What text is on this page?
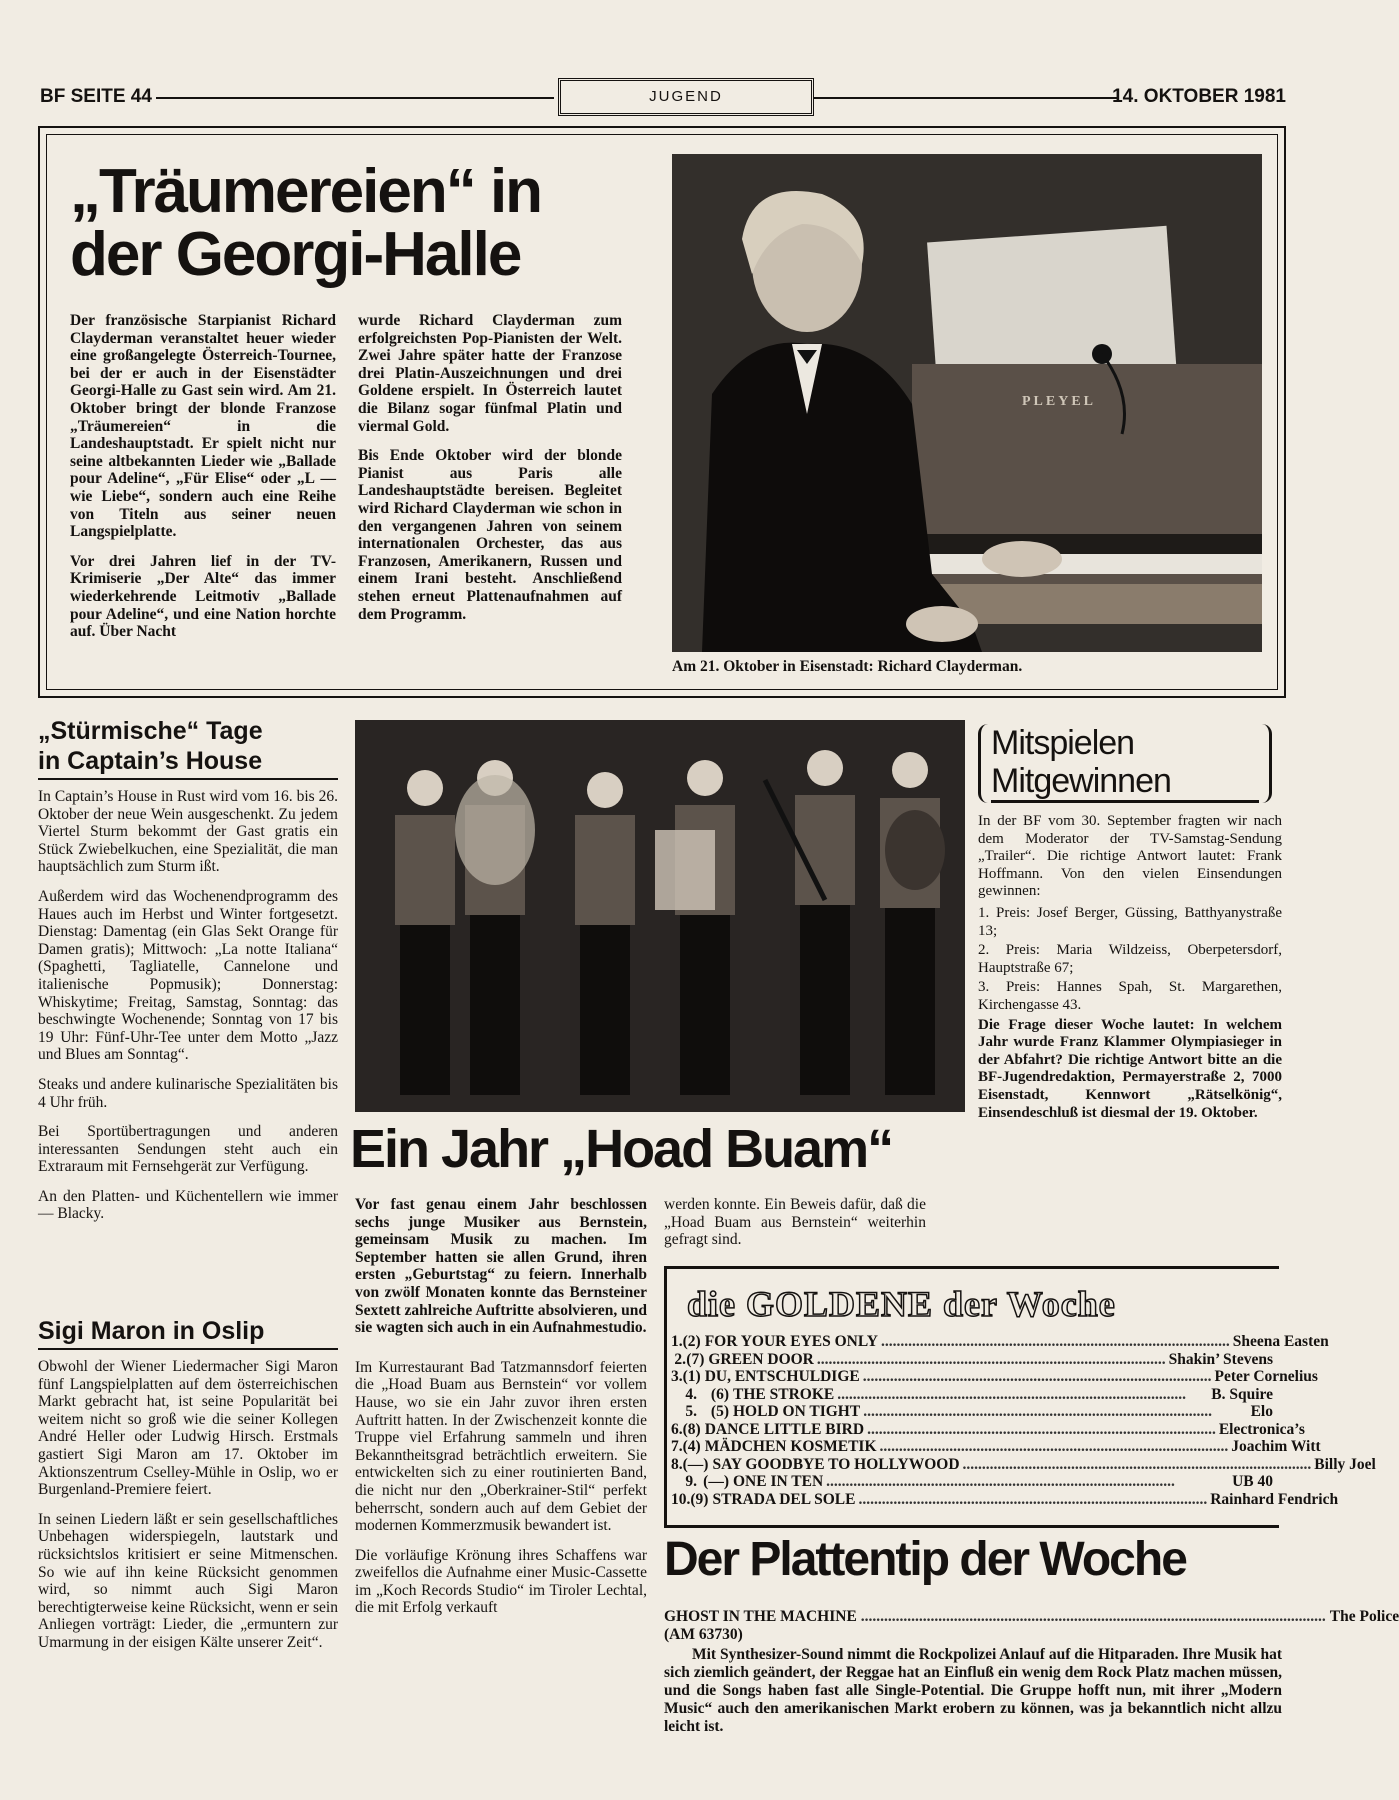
BF SEITE 44	JUGEND	14. OKTOBER 1981
„Träumereien“ in
der Georgi-Halle

Der französische Starpianist Richard Clayderman veranstaltet heuer wieder eine großangelegte Österreich-Tournee, bei der er auch in der Eisenstädter Georgi-Halle zu Gast sein wird. Am 21. Oktober bringt der blonde Franzose „Träumereien“ in die Landeshauptstadt. Er spielt nicht nur seine altbekannten Lieder wie „Ballade pour Adeline“, „Für Elise“ oder „L — wie Liebe“, sondern auch eine Reihe von Titeln aus seiner neuen Langspielplatte.

Vor drei Jahren lief in der TV-Krimiserie „Der Alte“ das immer wiederkehrende Leitmotiv „Ballade pour Adeline“, und eine Nation horchte auf. Über Nacht

wurde Richard Clayderman zum erfolgreichsten Pop-Pianisten der Welt. Zwei Jahre später hatte der Franzose drei Platin-Auszeichnungen und drei Goldene erspielt. In Österreich lautet die Bilanz sogar fünfmal Platin und viermal Gold.

Bis Ende Oktober wird der blonde Pianist aus Paris alle Landeshauptstädte bereisen. Begleitet wird Richard Clayderman wie schon in den vergangenen Jahren von seinem internationalen Orchester, das aus Franzosen, Amerikanern, Russen und einem Irani besteht. Anschließend stehen erneut Plattenaufnahmen auf dem Programm.

PLEYEL
Am 21. Oktober in Eisenstadt: Richard Clayderman.
„Stürmische“ Tage
in Captain’s House

In Captain’s House in Rust wird vom 16. bis 26. Oktober der neue Wein ausgeschenkt. Zu jedem Viertel Sturm bekommt der Gast gratis ein Stück Zwiebelkuchen, eine Spezialität, die man hauptsächlich zum Sturm ißt.

Außerdem wird das Wochenendprogramm des Haues auch im Herbst und Winter fortgesetzt. Dienstag: Damentag (ein Glas Sekt Orange für Damen gratis); Mittwoch: „La notte Italiana“ (Spaghetti, Tagliatelle, Cannelone und italienische Popmusik); Donnerstag: Whiskytime; Freitag, Samstag, Sonntag: das beschwingte Wochenende; Sonntag von 17 bis 19 Uhr: Fünf-Uhr-Tee unter dem Motto „Jazz und Blues am Sonntag“.

Steaks und andere kulinarische Spezialitäten bis 4 Uhr früh.

Bei Sportübertragungen und anderen interessanten Sendungen steht auch ein Extraraum mit Fernsehgerät zur Verfügung.

An den Platten- und Küchentellern wie immer — Blacky.

Sigi Maron in Oslip

Obwohl der Wiener Liedermacher Sigi Maron fünf Langspielplatten auf dem österreichischen Markt gebracht hat, ist seine Popularität bei weitem nicht so groß wie die seiner Kollegen André Heller oder Ludwig Hirsch. Erstmals gastiert Sigi Maron am 17. Oktober im Aktionszentrum Cselley-Mühle in Oslip, wo er Burgenland-Premiere feiert.

In seinen Liedern läßt er sein gesellschaftliches Unbehagen widerspiegeln, lautstark und rücksichtslos kritisiert er seine Mitmenschen. So wie auf ihn keine Rücksicht genommen wird, so nimmt auch Sigi Maron berechtigterweise keine Rücksicht, wenn er sein Anliegen vorträgt: Lieder, die „ermuntern zur Umarmung in der eisigen Kälte unserer Zeit“.

Ein Jahr „Hoad Buam“

Vor fast genau einem Jahr beschlossen sechs junge Musiker aus Bernstein, gemeinsam Musik zu machen. Im September hatten sie allen Grund, ihren ersten „Geburtstag“ zu feiern. Innerhalb von zwölf Monaten konnte das Bernsteiner Sextett zahlreiche Auftritte absolvieren, und sie wagten sich auch in ein Aufnahmestudio.

Im Kurrestaurant Bad Tatzmannsdorf feierten die „Hoad Buam aus Bernstein“ vor vollem Hause, wo sie ein Jahr zuvor ihren ersten Auftritt hatten. In der Zwischenzeit konnte die Truppe viel Erfahrung sammeln und ihren Bekanntheitsgrad beträchtlich erweitern. Sie entwickelten sich zu einer routinierten Band, die nicht nur den „Oberkrainer-Stil“ perfekt beherrscht, sondern auch auf dem Gebiet der modernen Kommerzmusik bewandert ist.

Die vorläufige Krönung ihres Schaffens war zweifellos die Aufnahme einer Music-Cassette im „Koch Records Studio“ im Tiroler Lechtal, die mit Erfolg verkauft

werden konnte. Ein Beweis dafür, daß die „Hoad Buam aus Bernstein“ weiterhin gefragt sind.

Mitspielen
Mitgewinnen

In der BF vom 30. September fragten wir nach dem Moderator der TV-Samstag-Sendung „Trailer“. Die richtige Antwort lautet: Frank Hoffmann. Von den vielen Einsendungen gewinnen:

1. Preis: Josef Berger, Güssing, Batthyanystraße 13;

2. Preis: Maria Wildzeiss, Oberpetersdorf, Hauptstraße 67;

3. Preis: Hannes Spah, St. Margarethen, Kirchengasse 43.

Die Frage dieser Woche lautet: In welchem Jahr wurde Franz Klammer Olympiasieger in der Abfahrt? Die richtige Antwort bitte an die BF-Jugendredaktion, Permayerstraße 2, 7000 Eisenstadt, Kennwort „Rätselkönig“, Einsendeschluß ist diesmal der 19. Oktober.

die GOLDENE der Woche
1. (2) FOR YOUR EYES ONLY .......................................................................................... Sheena Easten
2. (7) GREEN DOOR .......................................................................................... Shakin’ Stevens
3. (1) DU, ENTSCHULDIGE .......................................................................................... Peter Cornelius
4. (6) THE STROKE ..........................................................................................	B. Squire
5. (5) HOLD ON TIGHT ..........................................................................................	Elo
6. (8) DANCE LITTLE BIRD .......................................................................................... Electronica’s
7. (4) MÄDCHEN KOSMETIK .......................................................................................... Joachim Witt
8. (—) SAY GOODBYE TO HOLLYWOOD .......................................................................................... Billy Joel
9. (—) ONE IN TEN ..........................................................................................	UB 40
10. (9) STRADA DEL SOLE .......................................................................................... Rainhard Fendrich
Der Plattentip der Woche
GHOST IN THE MACHINE ........................................................................................................................ The Police
(AM 63730)

Mit Synthesizer-Sound nimmt die Rockpolizei Anlauf auf die Hitparaden. Ihre Musik hat sich ziemlich geändert, der Reggae hat an Einfluß ein wenig dem Rock Platz machen müssen, und die Songs haben fast alle Single-Potential. Die Gruppe hofft nun, mit ihrer „Modern Music“ auch den amerikanischen Markt erobern zu können, was ja bekanntlich nicht allzu leicht ist.
